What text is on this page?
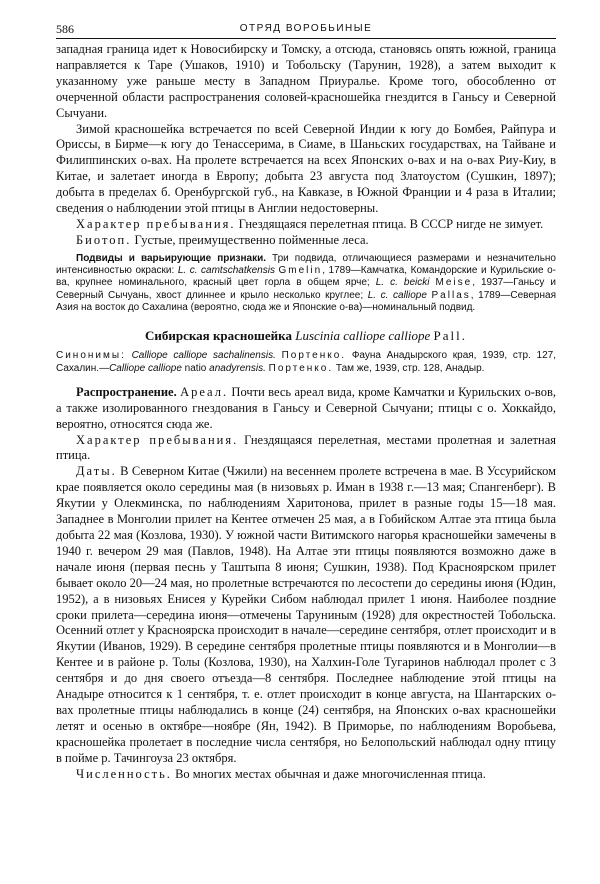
586	ОТРЯД ВОРОБЬИНЫЕ

западная граница идет к Новосибирску и Томску, а отсюда, становясь опять южной, граница направляется к Таре (Ушаков, 1910) и Тобольску (Тарунин, 1928), а затем выходит к указанному уже раньше месту в Западном Приуралье. Кроме того, обособленно от очерченной области распространения соловей-красношейка гнездится в Ганьсу и Северной Сычуани.

Зимой красношейка встречается по всей Северной Индии к югу до Бомбея, Райпура и Ориссы, в Бирме—к югу до Тенассерима, в Сиаме, в Шаньских государствах, на Тайване и Филиппинских о-вах. На пролете встречается на всех Японских о-вах и на о-вах Риу-Киу, в Китае, и залетает иногда в Европу; добыта 23 августа под Златоустом (Сушкин, 1897); добыта в пределах б. Оренбургской губ., на Кавказе, в Южной Франции и 4 раза в Италии; сведения о наблюдении этой птицы в Англии недостоверны.

Характер пребывания. Гнездящаяся перелетная птица. В СССР нигде не зимует.

Биотоп. Густые, преимущественно пойменные леса.

Подвиды и варьирующие признаки. Три подвида, отличающиеся размерами и незначительно интенсивностью окраски: L. c. camtschatkensis Gmelin, 1789—Камчатка, Командорские и Курильские о-ва, крупнее номинального, красный цвет горла в общем ярче; L. c. beicki Meise, 1937—Ганьсу и Северный Сычуань, хвост длиннее и крыло несколько круглее; L. c. calliope Pallas, 1789—Северная Азия на восток до Сахалина (вероятно, сюда же и Японские о-ва)—номинальный подвид.

Сибирская красношейка Luscinia calliope calliope Pall.

Синонимы: Calliope calliope sachalinensis. Портенко. Фауна Анадырского края, 1939, стр. 127, Сахалин.—Calliope calliope natio anadyrensis. Портенко. Там же, 1939, стр. 128, Анадыр.

Распространение. Ареал. Почти весь ареал вида, кроме Камчатки и Курильских о-вов, а также изолированного гнездования в Ганьсу и Северной Сычуани; птицы с о. Хоккайдо, вероятно, относятся сюда же.

Характер пребывания. Гнездящаяся перелетная, местами пролетная и залетная птица.

Даты. В Северном Китае (Чжили) на весеннем пролете встречена в мае. В Уссурийском крае появляется около середины мая (в низовьях р. Иман в 1938 г.—13 мая; Спангенберг). В Якутии у Олекминска, по наблюдениям Харитонова, прилет в разные годы 15—18 мая. Западнее в Монголии прилет на Кентее отмечен 25 мая, а в Гобийском Алтае эта птица была добыта 22 мая (Козлова, 1930). У южной части Витимского нагорья красношейки замечены в 1940 г. вечером 29 мая (Павлов, 1948). На Алтае эти птицы появляются возможно даже в начале июня (первая песнь у Таштыпа 8 июня; Сушкин, 1938). Под Красноярском прилет бывает около 20—24 мая, но пролетные встречаются по лесостепи до середины июня (Юдин, 1952), а в низовьях Енисея у Курейки Сибом наблюдал прилет 1 июня. Наиболее поздние сроки прилета—середина июня—отмечены Таруниным (1928) для окрестностей Тобольска. Осенний отлет у Красноярска происходит в начале—середине сентября, отлет происходит и в Якутии (Иванов, 1929). В середине сентября пролетные птицы появляются и в Монголии—в Кентее и в районе р. Толы (Козлова, 1930), на Халхин-Голе Тугаринов наблюдал пролет с 3 сентября и до дня своего отъезда—8 сентября. Последнее наблюдение этой птицы на Анадыре относится к 1 сентября, т. е. отлет происходит в конце августа, на Шантарских о-вах пролетные птицы наблюдались в конце (24) сентября, на Японских о-вах красношейки летят и осенью в октябре—ноябре (Ян, 1942). В Приморье, по наблюдениям Воробьева, красношейка пролетает в последние числа сентября, но Белопольский наблюдал одну птицу в пойме р. Тачингоуза 23 октября.

Численность. Во многих местах обычная и даже многочисленная птица.
